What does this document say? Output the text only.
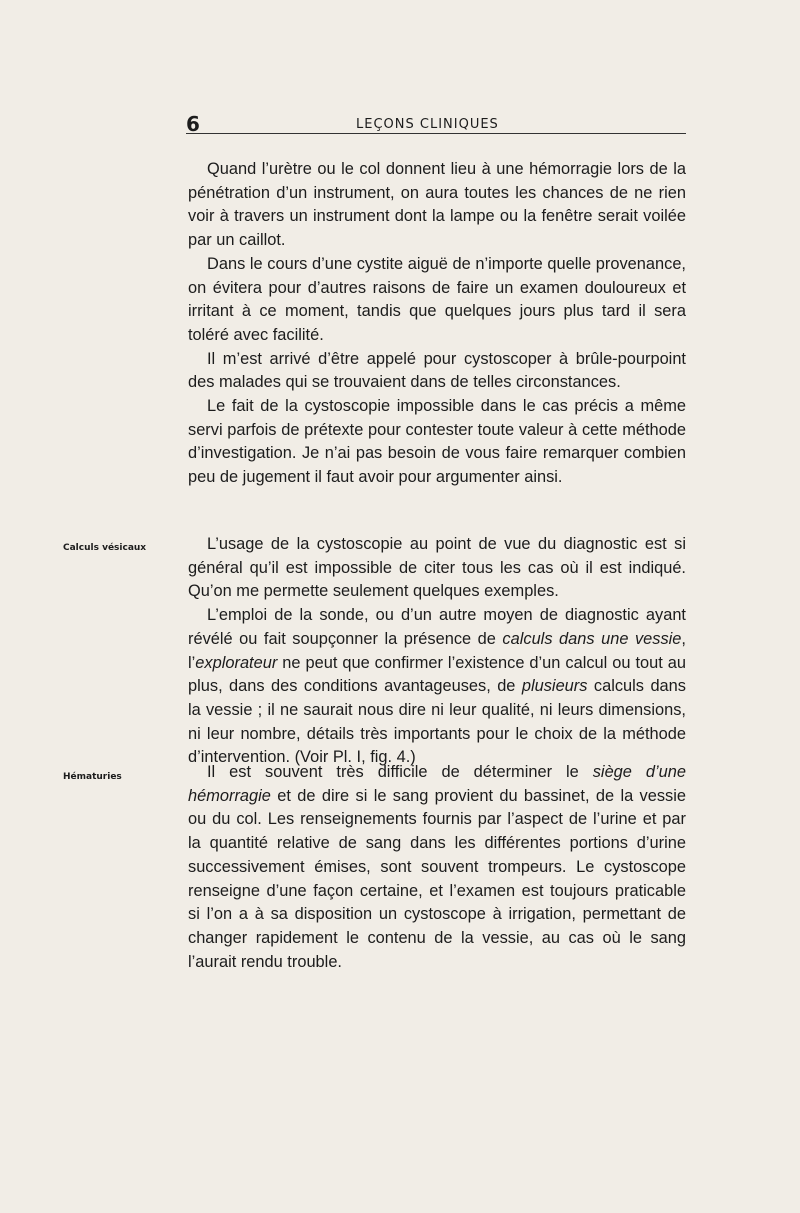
6	LEÇONS CLINIQUES

Quand l’urètre ou le col donnent lieu à une hémorragie lors de la pénétration d’un instrument, on aura toutes les chances de ne rien voir à travers un instrument dont la lampe ou la fenêtre serait voilée par un caillot.

Dans le cours d’une cystite aiguë de n’importe quelle provenance, on évitera pour d’autres raisons de faire un examen douloureux et irritant à ce moment, tandis que quelques jours plus tard il sera toléré avec facilité.

Il m’est arrivé d’être appelé pour cystoscoper à brûle-pourpoint des malades qui se trouvaient dans de telles circonstances.

Le fait de la cystoscopie impossible dans le cas précis a même servi parfois de prétexte pour contester toute valeur à cette méthode d’investigation. Je n’ai pas besoin de vous faire remarquer combien peu de jugement il faut avoir pour argumenter ainsi.

Calculs vésicaux	L’usage de la cystoscopie au point de vue du diagnostic est si général qu’il est impossible de citer tous les cas où il est indiqué. Qu’on me permette seulement quelques exemples.

L’emploi de la sonde, ou d’un autre moyen de diagnostic ayant révélé ou fait soupçonner la présence de calculs dans une vessie, l’explorateur ne peut que confirmer l’existence d’un calcul ou tout au plus, dans des conditions avantageuses, de plusieurs calculs dans la vessie ; il ne saurait nous dire ni leur qualité, ni leurs dimensions, ni leur nombre, détails très importants pour le choix de la méthode d’intervention. (Voir Pl. I, fig. 4.)

Hématuries	Il est souvent très difficile de déterminer le siège d’une hémorragie et de dire si le sang provient du bassinet, de la vessie ou du col. Les renseignements fournis par l’aspect de l’urine et par la quantité relative de sang dans les différentes portions d’urine successivement émises, sont souvent trompeurs. Le cystoscope renseigne d’une façon certaine, et l’examen est toujours praticable si l’on a à sa disposition un cystoscope à irrigation, permettant de changer rapidement le contenu de la vessie, au cas où le sang l’aurait rendu trouble.
